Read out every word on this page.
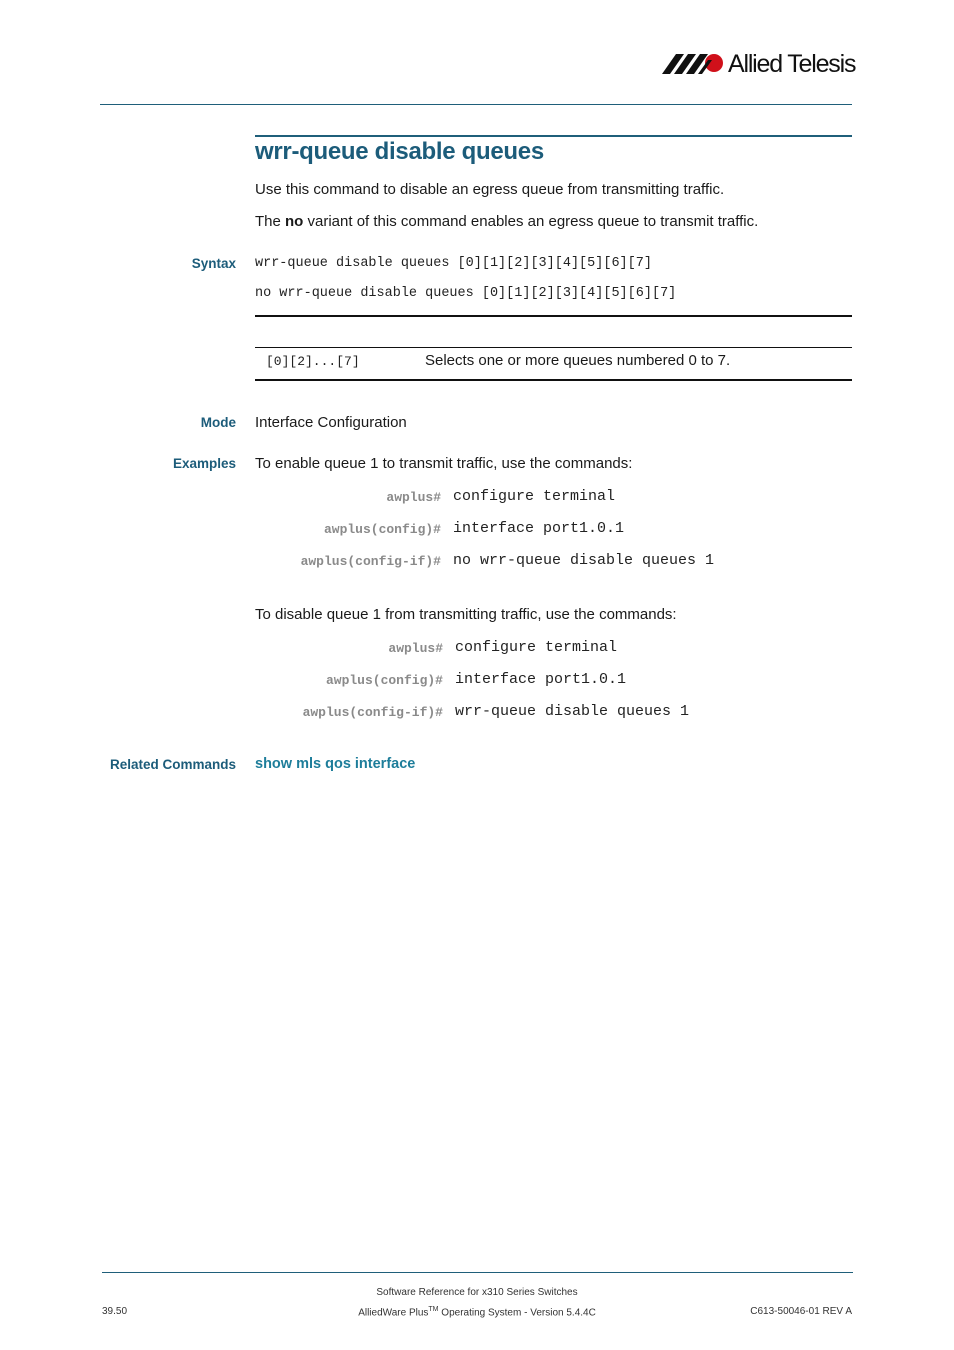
Allied Telesis
wrr-queue disable queues
Use this command to disable an egress queue from transmitting traffic.
The no variant of this command enables an egress queue to transmit traffic.
Syntax wrr-queue disable queues [0][1][2][3][4][5][6][7]
no wrr-queue disable queues [0][1][2][3][4][5][6][7]
[0][2]...[7]	Selects one or more queues numbered 0 to 7.
Mode Interface Configuration
Examples To enable queue 1 to transmit traffic, use the commands:
awplus# configure terminal
awplus(config)# interface port1.0.1
awplus(config-if)# no wrr-queue disable queues 1
To disable queue 1 from transmitting traffic, use the commands:
awplus# configure terminal
awplus(config)# interface port1.0.1
awplus(config-if)# wrr-queue disable queues 1
Related Commands show mls qos interface
Software Reference for x310 Series Switches
AlliedWare Plus™ Operating System - Version 5.4.4C
39.50	C613-50046-01 REV A
